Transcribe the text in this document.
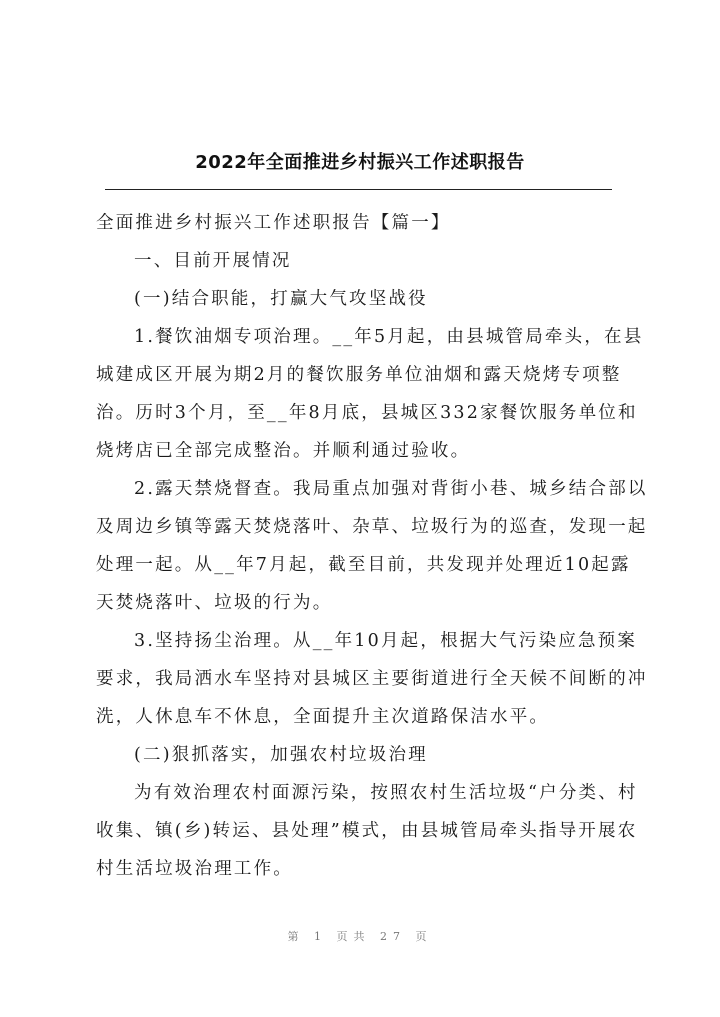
2022年全面推进乡村振兴工作述职报告
全面推进乡村振兴工作述职报告【篇一】
一、目前开展情况
(一)结合职能，打赢大气攻坚战役
1.餐饮油烟专项治理。__年5月起，由县城管局牵头，在县
城建成区开展为期2月的餐饮服务单位油烟和露天烧烤专项整
治。历时3个月，至__年8月底，县城区332家餐饮服务单位和
烧烤店已全部完成整治。并顺利通过验收。
2.露天禁烧督查。我局重点加强对背街小巷、城乡结合部以
及周边乡镇等露天焚烧落叶、杂草、垃圾行为的巡查，发现一起
处理一起。从__年7月起，截至目前，共发现并处理近10起露
天焚烧落叶、垃圾的行为。
3.坚持扬尘治理。从__年10月起，根据大气污染应急预案
要求，我局洒水车坚持对县城区主要街道进行全天候不间断的冲
洗，人休息车不休息，全面提升主次道路保洁水平。
(二)狠抓落实，加强农村垃圾治理
为有效治理农村面源污染，按照农村生活垃圾“户分类、村
收集、镇(乡)转运、县处理”模式，由县城管局牵头指导开展农
村生活垃圾治理工作。
第 1 页共 27 页
